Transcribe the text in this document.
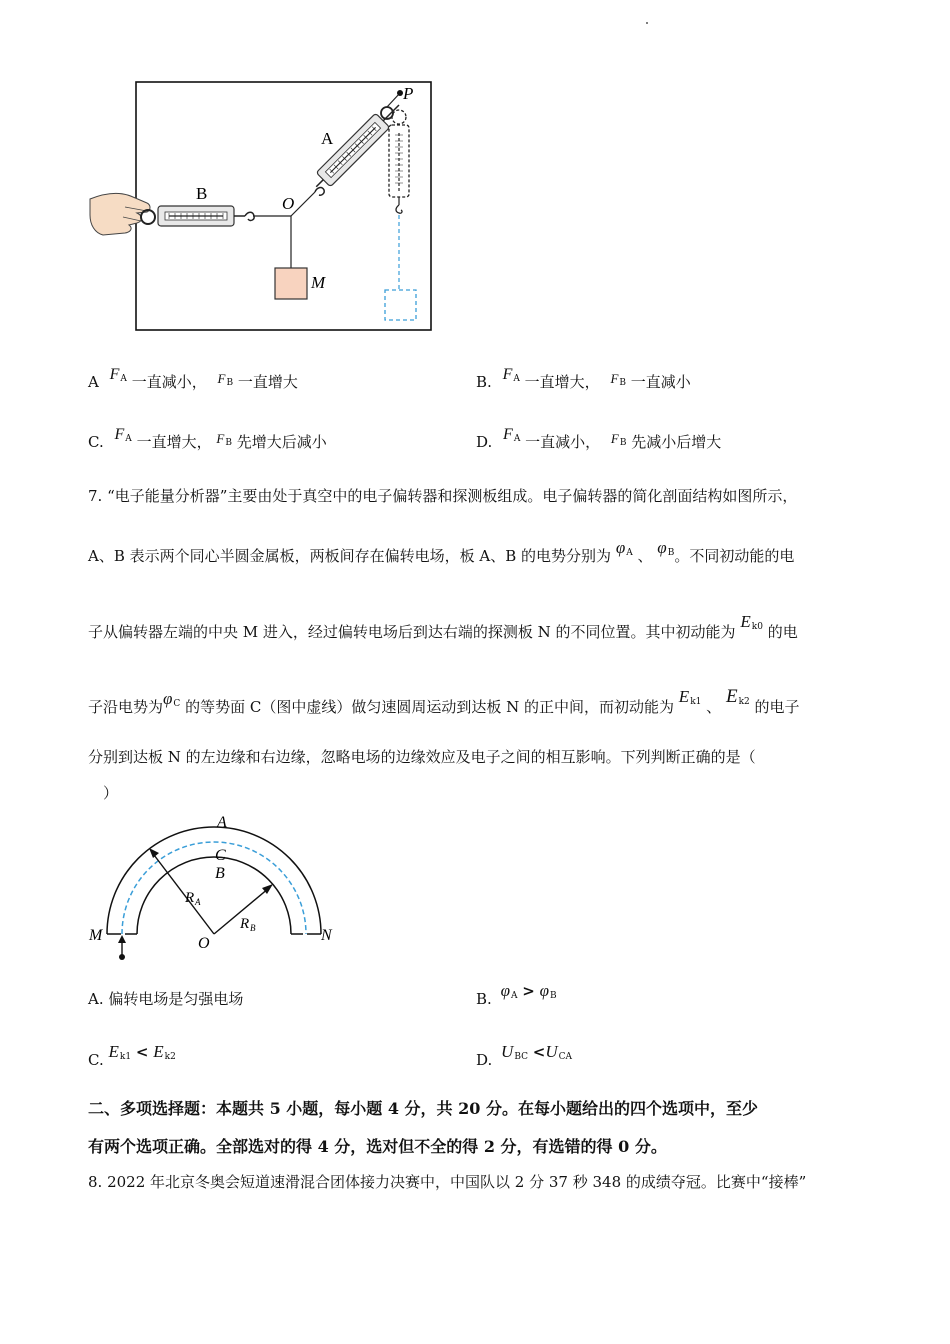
P
A
B
O
M
A $F_A$ 一直减小， $F_B$ 一直增大	B. $F_A$ 一直增大， $F_B$ 一直减小
C. $F_A$ 一直增大， $F_B$ 先增大后减小	D. $F_A$ 一直减小， $F_B$ 先减小后增大
7. “电子能量分析器”主要由处于真空中的电子偏转器和探测板组成。电子偏转器的简化剖面结构如图所示，
A、B 表示两个同心半圆金属板，两板间存在偏转电场，板 A、B 的电势分别为 $\varphi_A$ 、 $\varphi_B$。不同初动能的电
子从偏转器左端的中央 M 进入，经过偏转电场后到达右端的探测板 N 的不同位置。其中初动能为 $E_{k0}$ 的电
子沿电势为$\varphi_C$ 的等势面 C（图中虚线）做匀速圆周运动到达板 N 的正中间，而初动能为 $E_{k1}$ 、 $E_{k2}$ 的电子
分别到达板 N 的左边缘和右边缘，忽略电场的边缘效应及电子之间的相互影响。下列判断正确的是（
）
A
C
B
M	N
O
R A
R B
A. 偏转电场是匀强电场	B. $\varphi_A > \varphi_B$
C. $E_{k1} < E_{k2}$	D. $U_{BC} <U_{CA}$
二、多项选择题：本题共 5 小题，每小题 4 分，共 20 分。在每小题给出的四个选项中，至少
有两个选项正确。全部选对的得 4 分，选对但不全的得 2 分，有选错的得 0 分。
8. 2022 年北京冬奥会短道速滑混合团体接力决赛中，中国队以 2 分 37 秒 348 的成绩夺冠。比赛中“接棒”
